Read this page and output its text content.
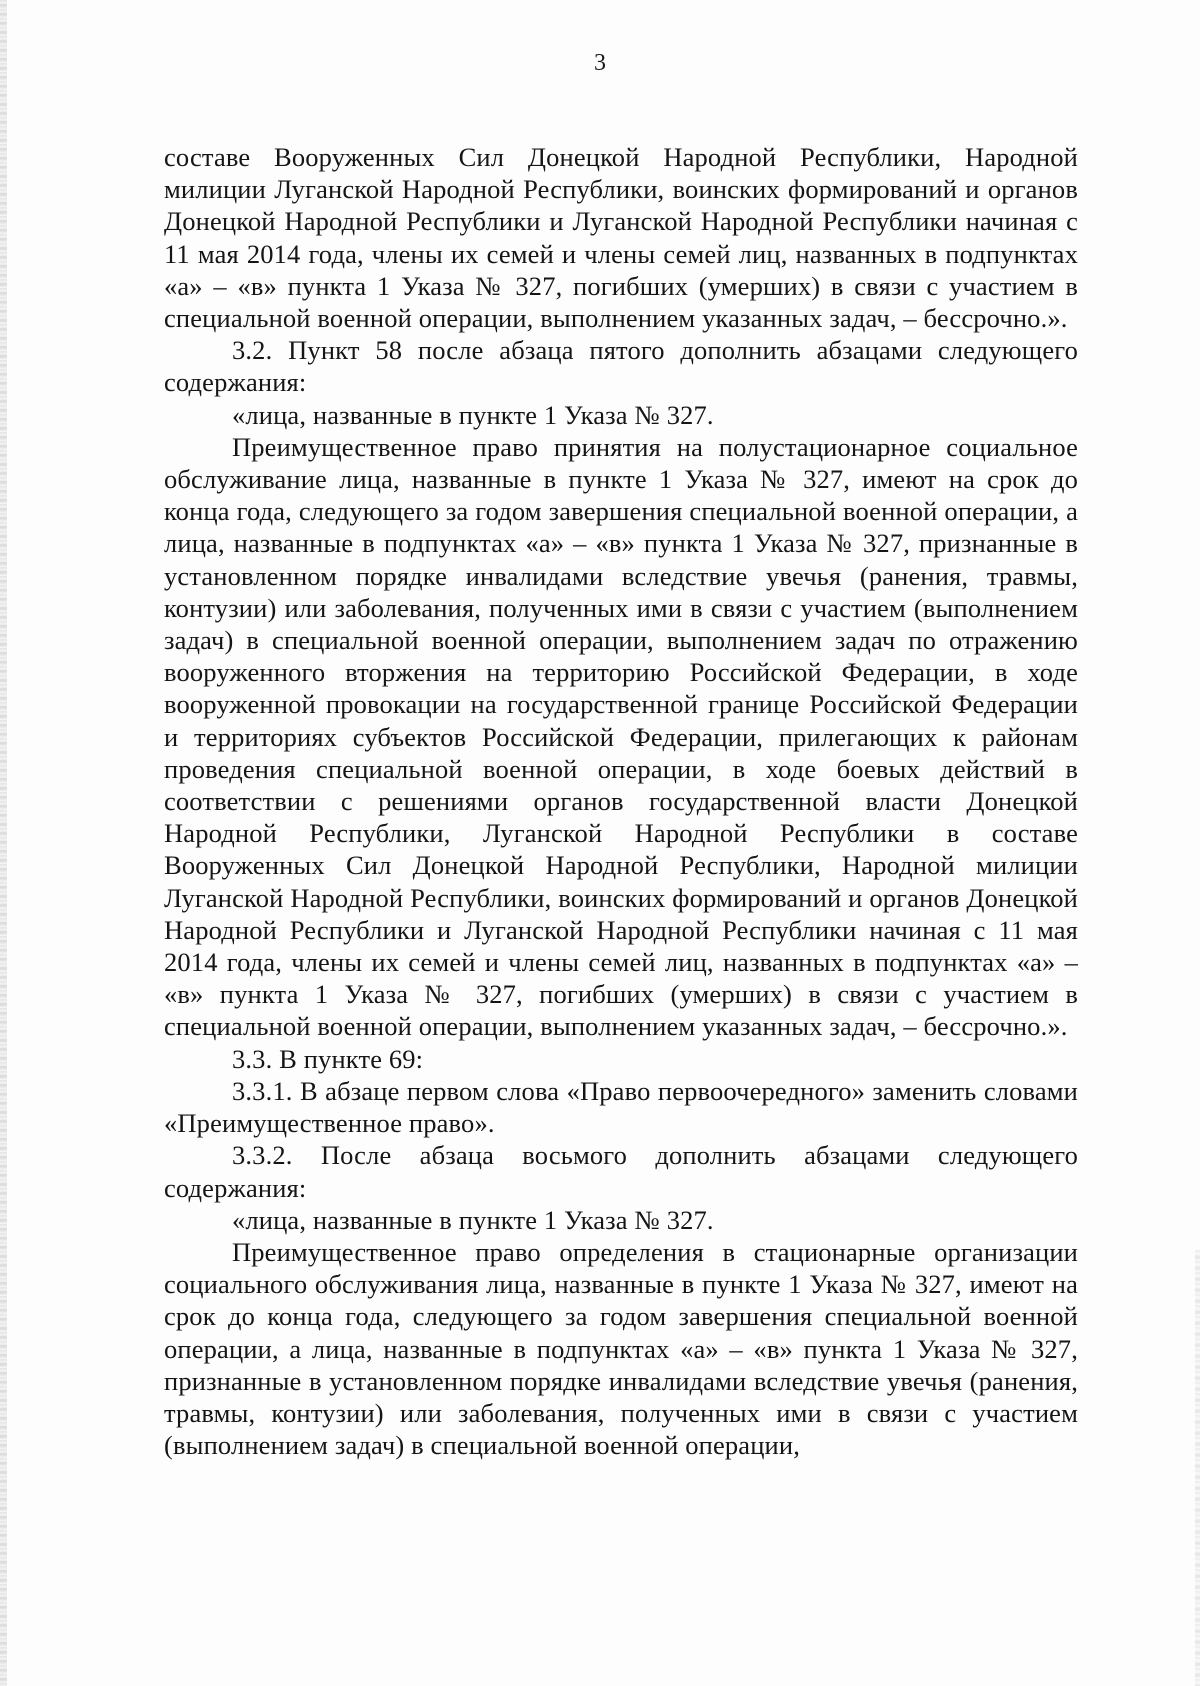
3

составе Вооруженных Сил Донецкой Народной Республики, Народной милиции Луганской Народной Республики, воинских формирований и органов Донецкой Народной Республики и Луганской Народной Республики начиная с 11 мая 2014 года, члены их семей и члены семей лиц, названных в подпунктах «а» – «в» пункта 1 Указа № 327, погибших (умерших) в связи с участием в специальной военной операции, выполнением указанных задач, – бессрочно.».

3.2. Пункт 58 после абзаца пятого дополнить абзацами следующего содержания:

«лица, названные в пункте 1 Указа № 327.

Преимущественное право принятия на полустационарное социальное обслуживание лица, названные в пункте 1 Указа № 327, имеют на срок до конца года, следующего за годом завершения специальной военной операции, а лица, названные в подпунктах «а» – «в» пункта 1 Указа № 327, признанные в установленном порядке инвалидами вследствие увечья (ранения, травмы, контузии) или заболевания, полученных ими в связи с участием (выполнением задач) в специальной военной операции, выполнением задач по отражению вооруженного вторжения на территорию Российской Федерации, в ходе вооруженной провокации на государственной границе Российской Федерации и территориях субъектов Российской Федерации, прилегающих к районам проведения специальной военной операции, в ходе боевых действий в соответствии с решениями органов государственной власти Донецкой Народной Республики, Луганской Народной Республики в составе Вооруженных Сил Донецкой Народной Республики, Народной милиции Луганской Народной Республики, воинских формирований и органов Донецкой Народной Республики и Луганской Народной Республики начиная с 11 мая 2014 года, члены их семей и члены семей лиц, названных в подпунктах «а» – «в» пункта 1 Указа № 327, погибших (умерших) в связи с участием в специальной военной операции, выполнением указанных задач, – бессрочно.».

3.3. В пункте 69:

3.3.1. В абзаце первом слова «Право первоочередного» заменить словами «Преимущественное право».

3.3.2. После абзаца восьмого дополнить абзацами следующего содержания:

«лица, названные в пункте 1 Указа № 327.

Преимущественное право определения в стационарные организации социального обслуживания лица, названные в пункте 1 Указа № 327, имеют на срок до конца года, следующего за годом завершения специальной военной операции, а лица, названные в подпунктах «а» – «в» пункта 1 Указа № 327, признанные в установленном порядке инвалидами вследствие увечья (ранения, травмы, контузии) или заболевания, полученных ими в связи с участием (выполнением задач) в специальной военной операции,
